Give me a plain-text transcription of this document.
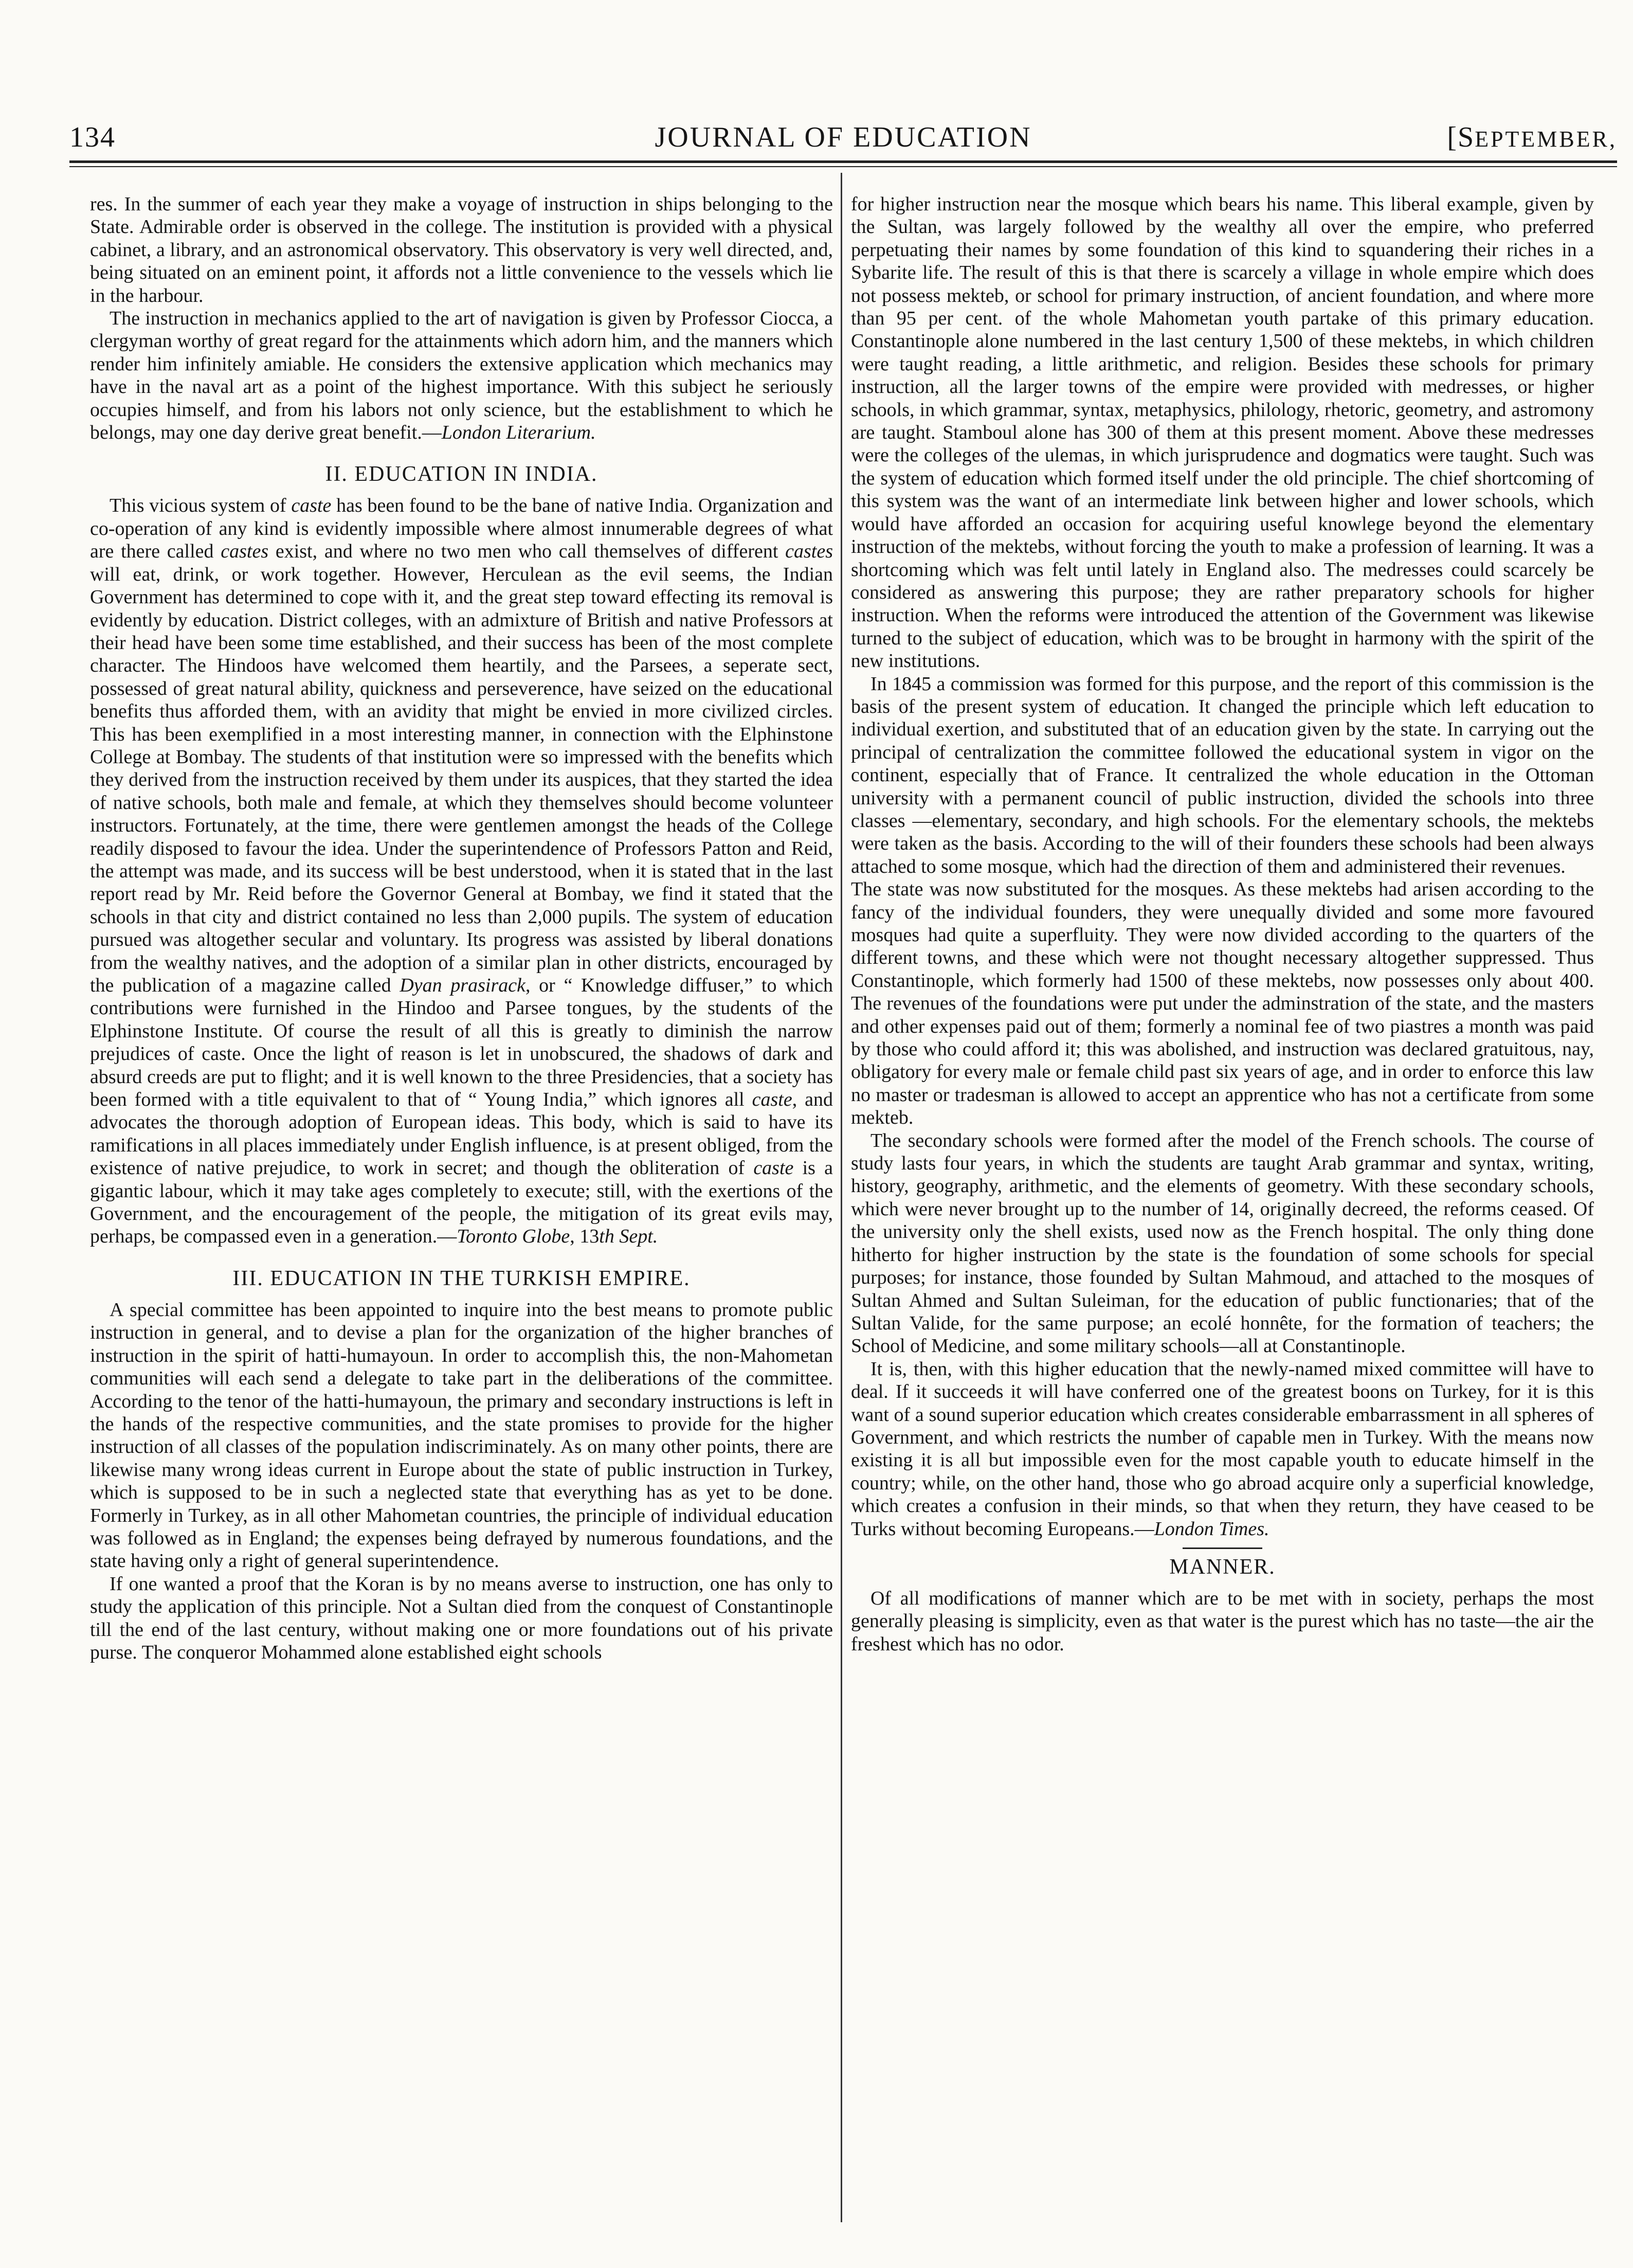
134	JOURNAL OF EDUCATION	[SEPTEMBER,

res. In the summer of each year they make a voyage of instruction in ships belonging to the State. Admirable order is observed in the college. The institution is provided with a physical cabinet, a library, and an astronomical observatory. This observatory is very well directed, and, being situated on an eminent point, it affords not a little convenience to the vessels which lie in the harbour.

The instruction in mechanics applied to the art of navigation is given by Professor Ciocca, a clergyman worthy of great regard for the attainments which adorn him, and the manners which render him infinitely amiable. He considers the extensive application which mechanics may have in the naval art as a point of the highest importance. With this subject he seriously occupies himself, and from his labors not only science, but the establishment to which he belongs, may one day derive great benefit.—London Literarium.

II. EDUCATION IN INDIA.

This vicious system of caste has been found to be the bane of native India. Organization and co-operation of any kind is evidently impossible where almost innumerable degrees of what are there called castes exist, and where no two men who call themselves of different castes will eat, drink, or work together. However, Herculean as the evil seems, the Indian Government has determined to cope with it, and the great step toward effecting its removal is evidently by education. District colleges, with an admixture of British and native Professors at their head have been some time established, and their success has been of the most complete character. The Hindoos have welcomed them heartily, and the Parsees, a seperate sect, possessed of great natural ability, quickness and perseverence, have seized on the educational benefits thus afforded them, with an avidity that might be envied in more civilized circles. This has been exemplified in a most interesting manner, in connection with the Elphinstone College at Bombay. The students of that institution were so impressed with the benefits which they derived from the instruction received by them under its auspices, that they started the idea of native schools, both male and female, at which they themselves should become volunteer instructors. Fortunately, at the time, there were gentlemen amongst the heads of the College readily disposed to favour the idea. Under the superintendence of Professors Patton and Reid, the attempt was made, and its success will be best understood, when it is stated that in the last report read by Mr. Reid before the Governor General at Bombay, we find it stated that the schools in that city and district contained no less than 2,000 pupils. The system of education pursued was altogether secular and voluntary. Its progress was assisted by liberal donations from the wealthy natives, and the adoption of a similar plan in other districts, encouraged by the publication of a magazine called Dyan prasirack, or “ Knowledge diffuser,” to which contributions were furnished in the Hindoo and Parsee tongues, by the students of the Elphinstone Institute. Of course the result of all this is greatly to diminish the narrow prejudices of caste. Once the light of reason is let in unobscured, the shadows of dark and absurd creeds are put to flight; and it is well known to the three Presidencies, that a society has been formed with a title equivalent to that of “ Young India,” which ignores all caste, and advocates the thorough adoption of European ideas. This body, which is said to have its ramifications in all places immediately under English influence, is at present obliged, from the existence of native prejudice, to work in secret; and though the obliteration of caste is a gigantic labour, which it may take ages completely to execute; still, with the exertions of the Government, and the encouragement of the people, the mitigation of its great evils may, perhaps, be compassed even in a generation.—Toronto Globe, 13th Sept.

III. EDUCATION IN THE TURKISH EMPIRE.

A special committee has been appointed to inquire into the best means to promote public instruction in general, and to devise a plan for the organization of the higher branches of instruction in the spirit of hatti-humayoun. In order to accomplish this, the non-Mahometan communities will each send a delegate to take part in the deliberations of the committee. According to the tenor of the hatti-humayoun, the primary and secondary instructions is left in the hands of the respective communities, and the state promises to provide for the higher instruction of all classes of the population indiscriminately. As on many other points, there are likewise many wrong ideas current in Europe about the state of public instruction in Turkey, which is supposed to be in such a neglected state that everything has as yet to be done. Formerly in Turkey, as in all other Mahometan countries, the principle of individual education was followed as in England; the expenses being defrayed by numerous foundations, and the state having only a right of general superintendence.

If one wanted a proof that the Koran is by no means averse to instruction, one has only to study the application of this principle. Not a Sultan died from the conquest of Constantinople till the end of the last century, without making one or more foundations out of his private purse. The conqueror Mohammed alone established eight schools

for higher instruction near the mosque which bears his name. This liberal example, given by the Sultan, was largely followed by the wealthy all over the empire, who preferred perpetuating their names by some foundation of this kind to squandering their riches in a Sybarite life. The result of this is that there is scarcely a village in whole empire which does not possess mekteb, or school for primary instruction, of ancient foundation, and where more than 95 per cent. of the whole Mahometan youth partake of this primary education. Constantinople alone numbered in the last century 1,500 of these mektebs, in which children were taught reading, a little arithmetic, and religion. Besides these schools for primary instruction, all the larger towns of the empire were provided with medresses, or higher schools, in which grammar, syntax, metaphysics, philology, rhetoric, geometry, and astromony are taught. Stamboul alone has 300 of them at this present moment. Above these medresses were the colleges of the ulemas, in which jurisprudence and dogmatics were taught. Such was the system of education which formed itself under the old principle. The chief shortcoming of this system was the want of an intermediate link between higher and lower schools, which would have afforded an occasion for acquiring useful knowlege beyond the elementary instruction of the mektebs, without forcing the youth to make a profession of learning. It was a shortcoming which was felt until lately in England also. The medresses could scarcely be considered as answering this purpose; they are rather preparatory schools for higher instruction. When the reforms were introduced the attention of the Government was likewise turned to the subject of education, which was to be brought in harmony with the spirit of the new institutions.

In 1845 a commission was formed for this purpose, and the report of this commission is the basis of the present system of education. It changed the principle which left education to individual exertion, and substituted that of an education given by the state. In carrying out the principal of centralization the committee followed the educational system in vigor on the continent, especially that of France. It centralized the whole education in the Ottoman university with a permanent council of public instruction, divided the schools into three classes —elementary, secondary, and high schools. For the elementary schools, the mektebs were taken as the basis. According to the will of their founders these schools had been always attached to some mosque, which had the direction of them and administered their revenues.

The state was now substituted for the mosques. As these mektebs had arisen according to the fancy of the individual founders, they were unequally divided and some more favoured mosques had quite a superfluity. They were now divided according to the quarters of the different towns, and these which were not thought necessary altogether suppressed. Thus Constantinople, which formerly had 1500 of these mektebs, now possesses only about 400. The revenues of the foundations were put under the adminstration of the state, and the masters and other expenses paid out of them; formerly a nominal fee of two piastres a month was paid by those who could afford it; this was abolished, and instruction was declared gratuitous, nay, obligatory for every male or female child past six years of age, and in order to enforce this law no master or tradesman is allowed to accept an apprentice who has not a certificate from some mekteb.

The secondary schools were formed after the model of the French schools. The course of study lasts four years, in which the students are taught Arab grammar and syntax, writing, history, geography, arithmetic, and the elements of geometry. With these secondary schools, which were never brought up to the number of 14, originally decreed, the reforms ceased. Of the university only the shell exists, used now as the French hospital. The only thing done hitherto for higher instruction by the state is the foundation of some schools for special purposes; for instance, those founded by Sultan Mahmoud, and attached to the mosques of Sultan Ahmed and Sultan Suleiman, for the education of public functionaries; that of the Sultan Valide, for the same purpose; an ecolé honnête, for the formation of teachers; the School of Medicine, and some military schools—all at Constantinople.

It is, then, with this higher education that the newly-named mixed committee will have to deal. If it succeeds it will have conferred one of the greatest boons on Turkey, for it is this want of a sound superior education which creates considerable embarrassment in all spheres of Government, and which restricts the number of capable men in Turkey. With the means now existing it is all but impossible even for the most capable youth to educate himself in the country; while, on the other hand, those who go abroad acquire only a superficial knowledge, which creates a confusion in their minds, so that when they return, they have ceased to be Turks without becoming Europeans.—London Times.

MANNER.

Of all modifications of manner which are to be met with in society, perhaps the most generally pleasing is simplicity, even as that water is the purest which has no taste—the air the freshest which has no odor.
